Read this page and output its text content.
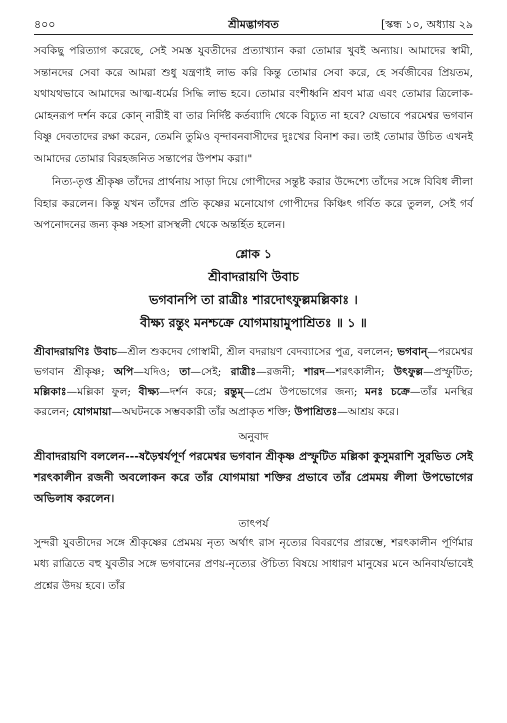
৪০০	শ্রীমদ্ভাগবত	[স্কন্ধ ১০, অধ্যায় ২৯

সবকিছু পরিত্যাগ করেছে, সেই সমস্ত যুবতীদের প্রত্যাখ্যান করা তোমার খুবই অন্যায়। আমাদের স্বামী, সন্তানদের সেবা করে আমরা শুধু যন্ত্রণাই লাভ করি কিন্তু তোমার সেবা করে, হে সর্বজীবের প্রিয়তম, যথাযথভাবে আমাদের আত্ম-ধর্মের সিদ্ধি লাভ হবে। তোমার বংশীধ্বনি শ্রবণ মাত্র এবং তোমার ত্রিলোক-মোহনরূপ দর্শন করে কোন্ নারীই বা তার নির্দিষ্ট কর্তব্যাদি থেকে বিচ্যুত না হবে? যেভাবে পরমেশ্বর ভগবান বিষ্ণু দেবতাদের রক্ষা করেন, তেমনি তুমিও বৃন্দাবনবাসীদের দুঃখের বিনাশ কর। তাই তোমার উচিত এখনই আমাদের তোমার বিরহজনিত সন্তাপের উপশম করা।"

নিত্য-তৃপ্ত শ্রীকৃষ্ণ তাঁদের প্রার্থনায় সাড়া দিয়ে গোপীদের সন্তুষ্ট করার উদ্দেশ্যে তাঁদের সঙ্গে বিবিধ লীলা বিহার করলেন। কিন্তু যখন তাঁদের প্রতি কৃষ্ণের মনোযোগ গোপীদের কিঞ্চিৎ গর্বিত করে তুলল, সেই গর্ব অপনোদনের জন্য কৃষ্ণ সহসা রাসস্থলী থেকে অন্তর্হিত হলেন।

শ্লোক ১
শ্রীবাদরায়ণি উবাচ
ভগবানপি তা রাত্রীঃ শারদোৎফুল্লমল্লিকাঃ ।
বীক্ষ্য রন্তুং মনশ্চক্রে যোগমায়ামুপাশ্রিতঃ ॥ ১ ॥
শ্রীবাদরায়ণিঃ উবাচ—শ্রীল শুকদেব গোস্বামী, শ্রীল বদরায়ণ বেদব্যাসের পুত্র, বললেন; ভগবান্—পরমেশ্বর ভগবান শ্রীকৃষ্ণ; অপি—যদিও; তা—সেই; রাত্রীঃ—রজনী; শারদ—শরৎকালীন; উৎফুল্ল—প্রস্ফুটিত; মল্লিকাঃ—মল্লিকা ফুল; বীক্ষ্য—দর্শন করে; রন্তুম্—প্রেম উপভোগের জন্য; মনঃ চক্রে—তাঁর মনস্থির করলেন; যোগমায়া—অঘটনকে সম্ভবকারী তাঁর অপ্রাকৃত শক্তি; উপাশ্রিতঃ—আশ্রয় করে।
অনুবাদ

শ্রীবাদরায়ণি বললেন---ষড়ৈশ্বর্যপূর্ণ পরমেশ্বর ভগবান শ্রীকৃষ্ণ প্রস্ফুটিত মল্লিকা কুসুমরাশি সুরভিত সেই শরৎকালীন রজনী অবলোকন করে তাঁর যোগমায়া শক্তির প্রভাবে তাঁর প্রেমময় লীলা উপভোগের অভিলাষ করলেন।

তাৎপর্য

সুন্দরী যুবতীদের সঙ্গে শ্রীকৃষ্ণের প্রেমময় নৃত্য অর্থাৎ রাস নৃত্যের বিবরণের প্রারম্ভে, শরৎকালীন পূর্ণিমার মধ্য রাত্রিতে বহু যুবতীর সঙ্গে ভগবানের প্রণয়-নৃত্যের ঔচিত্য বিষয়ে সাধারণ মানুষের মনে অনিবার্যভাবেই প্রশ্নের উদয় হবে। তাঁর
